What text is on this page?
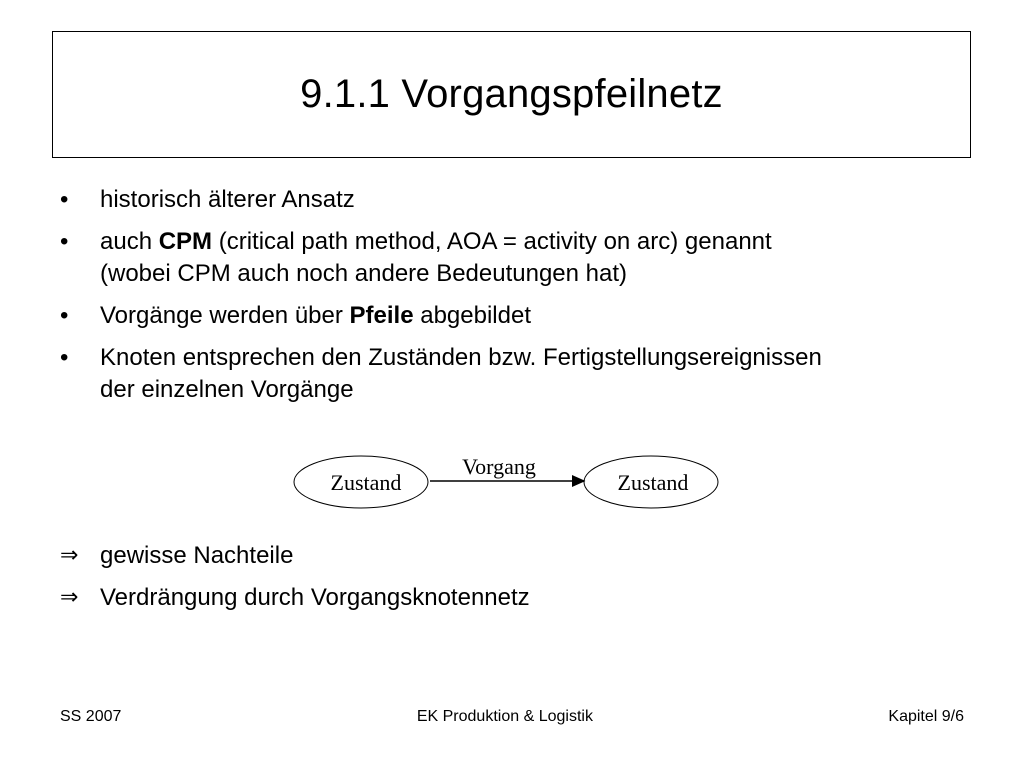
9.1.1 Vorgangspfeilnetz
• historisch älterer Ansatz
• auch CPM (critical path method, AOA = activity on arc) genannt
(wobei CPM auch noch andere Bedeutungen hat)
• Vorgänge werden über Pfeile abgebildet
• Knoten entsprechen den Zuständen bzw. Fertigstellungsereignissen
der einzelnen Vorgänge
Zustand
Vorgang
Zustand
⇒ gewisse Nachteile
⇒ Verdrängung durch Vorgangsknotennetz
SS 2007	EK Produktion & Logistik	Kapitel 9/6
